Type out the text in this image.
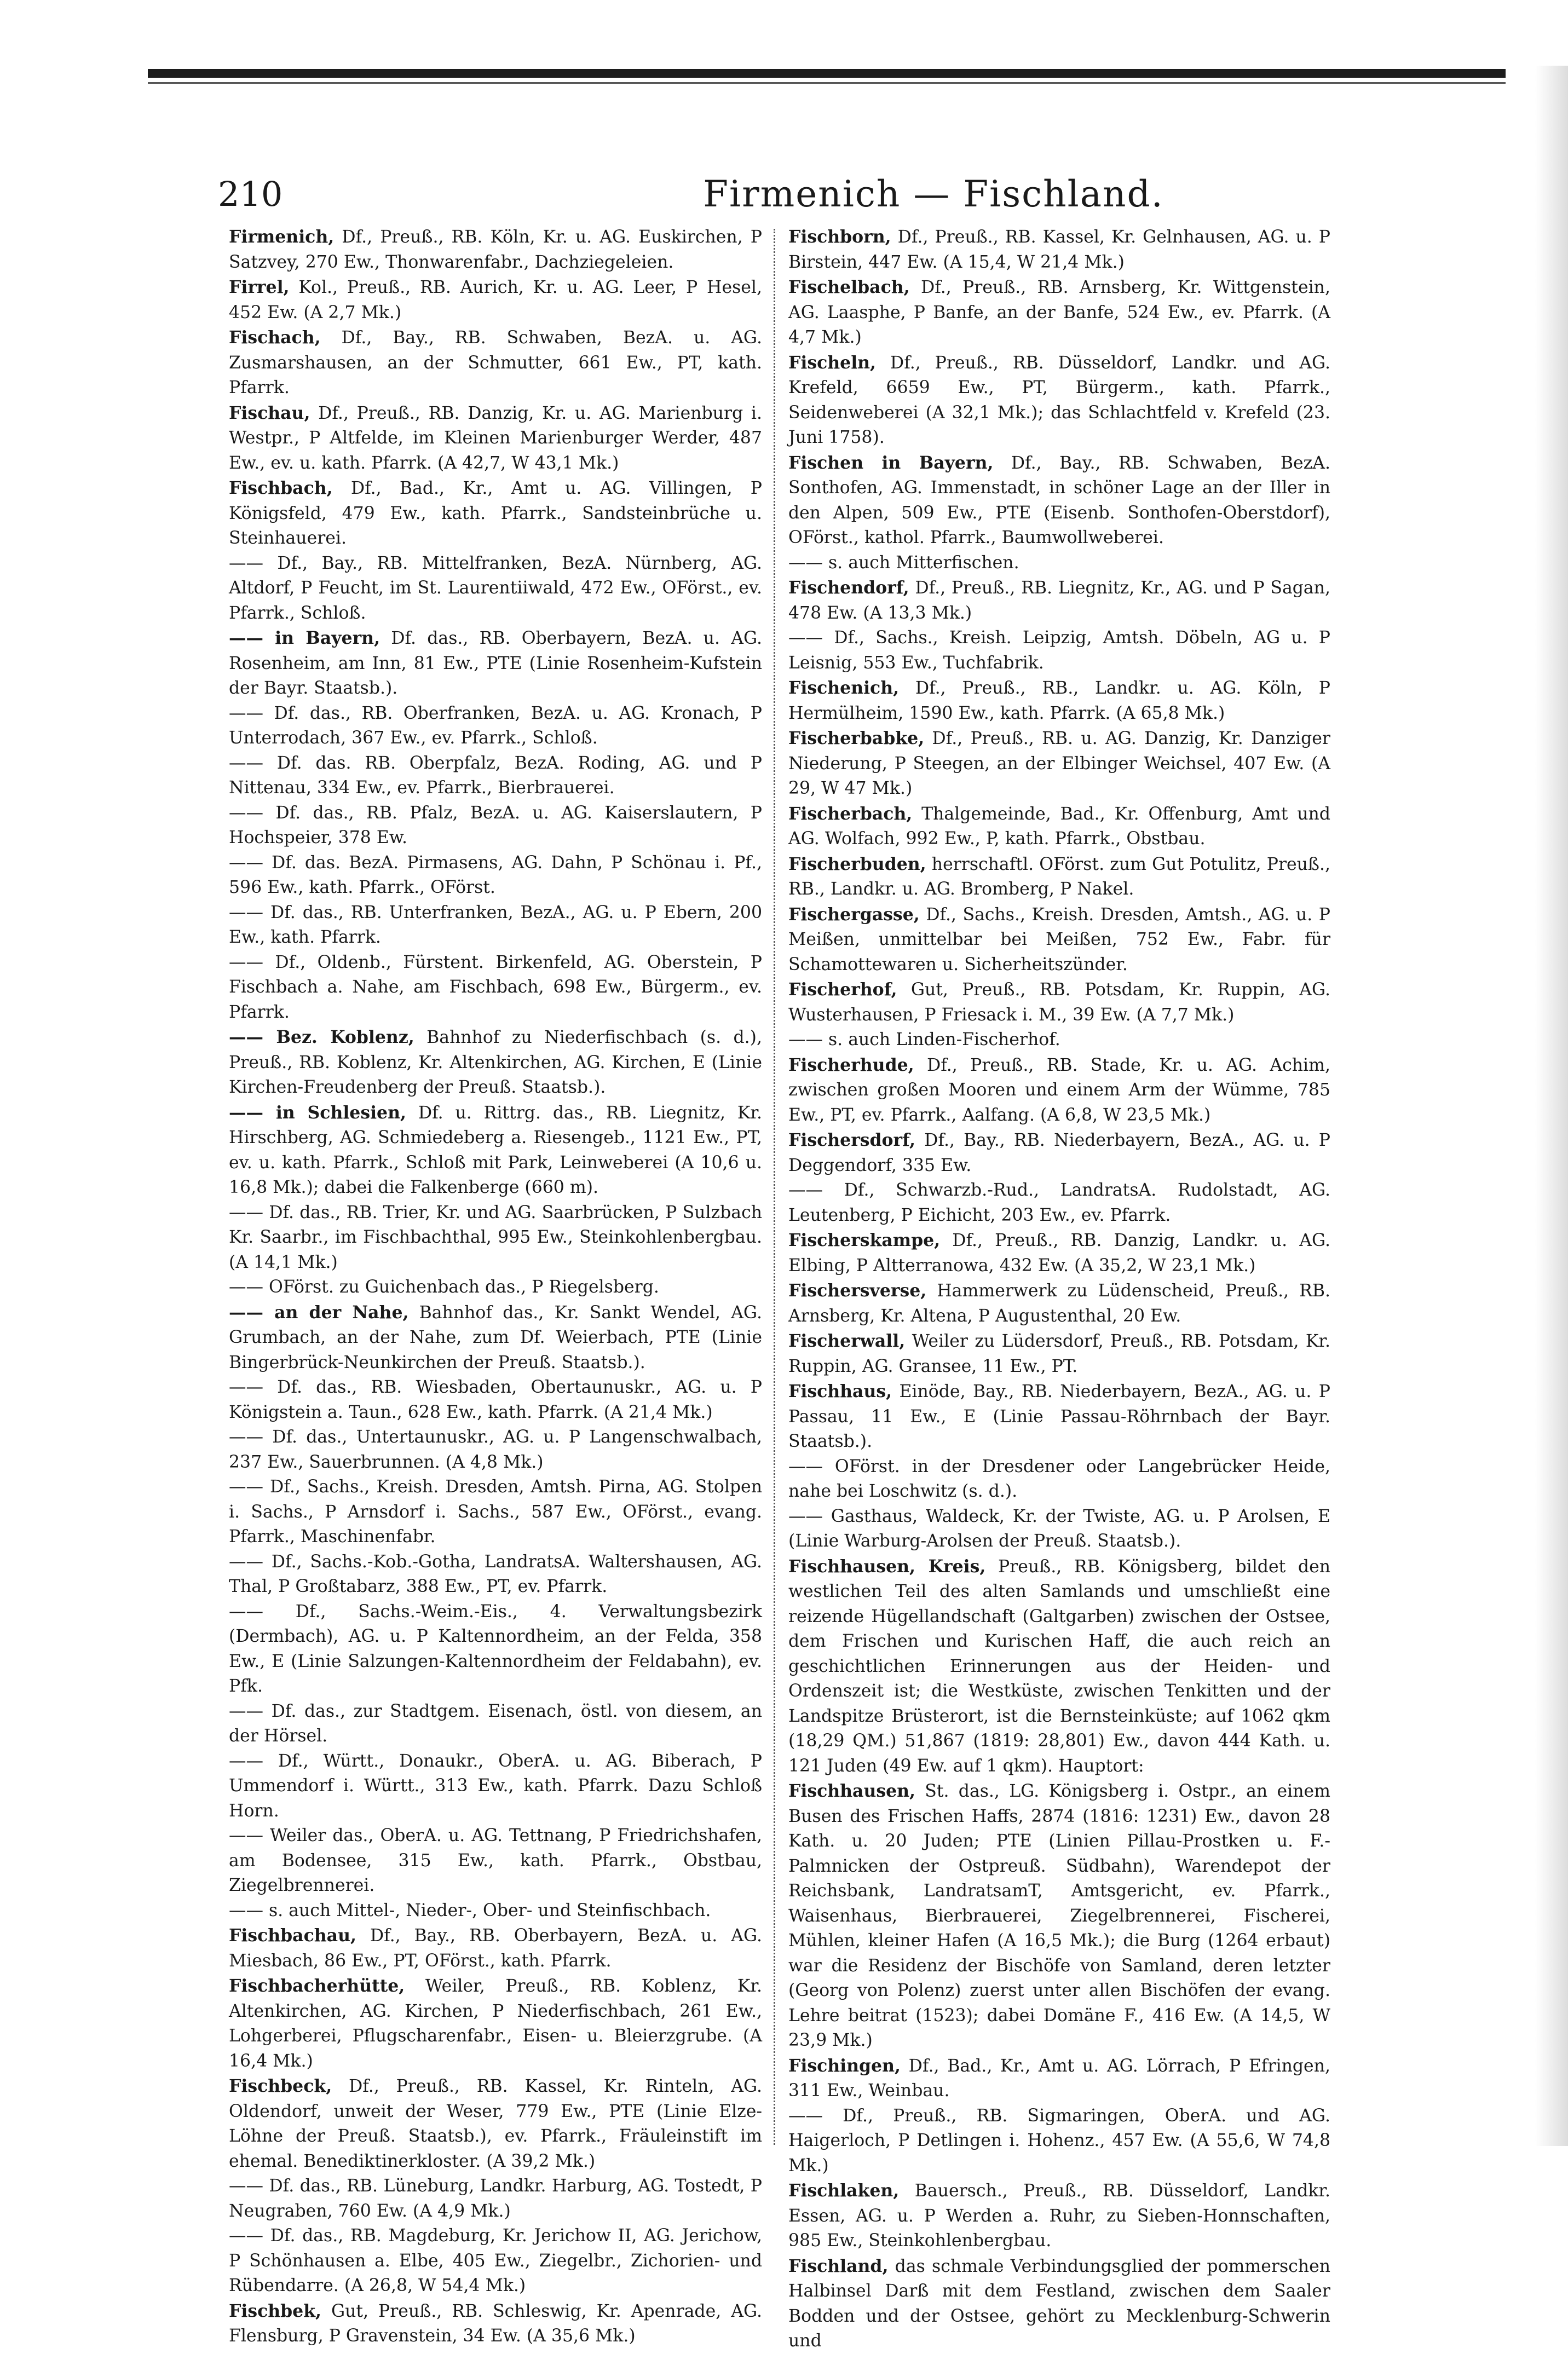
210	Firmenich — Fischland.

Firmenich, Df., Preuß., RB. Köln, Kr. u. AG. Euskirchen, P Satzvey, 270 Ew., Thonwarenfabr., Dachziegeleien.

Firrel, Kol., Preuß., RB. Aurich, Kr. u. AG. Leer, P Hesel, 452 Ew. (A 2,7 Mk.)

Fischach, Df., Bay., RB. Schwaben, BezA. u. AG. Zusmarshausen, an der Schmutter, 661 Ew., PT, kath. Pfarrk.

Fischau, Df., Preuß., RB. Danzig, Kr. u. AG. Marienburg i. Westpr., P Altfelde, im Kleinen Marienburger Werder, 487 Ew., ev. u. kath. Pfarrk. (A 42,7, W 43,1 Mk.)

Fischbach, Df., Bad., Kr., Amt u. AG. Villingen, P Königsfeld, 479 Ew., kath. Pfarrk., Sandsteinbrüche u. Steinhauerei.

—— Df., Bay., RB. Mittelfranken, BezA. Nürnberg, AG. Altdorf, P Feucht, im St. Laurentiiwald, 472 Ew., OFörst., ev. Pfarrk., Schloß.

—— in Bayern, Df. das., RB. Oberbayern, BezA. u. AG. Rosenheim, am Inn, 81 Ew., PTE (Linie Rosenheim-Kufstein der Bayr. Staatsb.).

—— Df. das., RB. Oberfranken, BezA. u. AG. Kronach, P Unterrodach, 367 Ew., ev. Pfarrk., Schloß.

—— Df. das. RB. Oberpfalz, BezA. Roding, AG. und P Nittenau, 334 Ew., ev. Pfarrk., Bierbrauerei.

—— Df. das., RB. Pfalz, BezA. u. AG. Kaiserslautern, P Hochspeier, 378 Ew.

—— Df. das. BezA. Pirmasens, AG. Dahn, P Schönau i. Pf., 596 Ew., kath. Pfarrk., OFörst.

—— Df. das., RB. Unterfranken, BezA., AG. u. P Ebern, 200 Ew., kath. Pfarrk.

—— Df., Oldenb., Fürstent. Birkenfeld, AG. Oberstein, P Fischbach a. Nahe, am Fischbach, 698 Ew., Bürgerm., ev. Pfarrk.

—— Bez. Koblenz, Bahnhof zu Niederfischbach (s. d.), Preuß., RB. Koblenz, Kr. Altenkirchen, AG. Kirchen, E (Linie Kirchen-Freudenberg der Preuß. Staatsb.).

—— in Schlesien, Df. u. Rittrg. das., RB. Liegnitz, Kr. Hirschberg, AG. Schmiedeberg a. Riesengeb., 1121 Ew., PT, ev. u. kath. Pfarrk., Schloß mit Park, Leinweberei (A 10,6 u. 16,8 Mk.); dabei die Falkenberge (660 m).

—— Df. das., RB. Trier, Kr. und AG. Saarbrücken, P Sulzbach Kr. Saarbr., im Fischbachthal, 995 Ew., Steinkohlenbergbau. (A 14,1 Mk.)

—— OFörst. zu Guichenbach das., P Riegelsberg.

—— an der Nahe, Bahnhof das., Kr. Sankt Wendel, AG. Grumbach, an der Nahe, zum Df. Weierbach, PTE (Linie Bingerbrück-Neunkirchen der Preuß. Staatsb.).

—— Df. das., RB. Wiesbaden, Obertaunuskr., AG. u. P Königstein a. Taun., 628 Ew., kath. Pfarrk. (A 21,4 Mk.)

—— Df. das., Untertaunuskr., AG. u. P Langenschwalbach, 237 Ew., Sauerbrunnen. (A 4,8 Mk.)

—— Df., Sachs., Kreish. Dresden, Amtsh. Pirna, AG. Stolpen i. Sachs., P Arnsdorf i. Sachs., 587 Ew., OFörst., evang. Pfarrk., Maschinenfabr.

—— Df., Sachs.-Kob.-Gotha, LandratsA. Waltershausen, AG. Thal, P Großtabarz, 388 Ew., PT, ev. Pfarrk.

—— Df., Sachs.-Weim.-Eis., 4. Verwaltungsbezirk (Dermbach), AG. u. P Kaltennordheim, an der Felda, 358 Ew., E (Linie Salzungen-Kaltennordheim der Feldabahn), ev. Pfk.

—— Df. das., zur Stadtgem. Eisenach, östl. von diesem, an der Hörsel.

—— Df., Württ., Donaukr., OberA. u. AG. Biberach, P Ummendorf i. Württ., 313 Ew., kath. Pfarrk. Dazu Schloß Horn.

—— Weiler das., OberA. u. AG. Tettnang, P Friedrichshafen, am Bodensee, 315 Ew., kath. Pfarrk., Obstbau, Ziegelbrennerei.

—— s. auch Mittel-, Nieder-, Ober- und Steinfischbach.

Fischbachau, Df., Bay., RB. Oberbayern, BezA. u. AG. Miesbach, 86 Ew., PT, OFörst., kath. Pfarrk.

Fischbacherhütte, Weiler, Preuß., RB. Koblenz, Kr. Altenkirchen, AG. Kirchen, P Niederfischbach, 261 Ew., Lohgerberei, Pflugscharenfabr., Eisen- u. Bleierzgrube. (A 16,4 Mk.)

Fischbeck, Df., Preuß., RB. Kassel, Kr. Rinteln, AG. Oldendorf, unweit der Weser, 779 Ew., PTE (Linie Elze-Löhne der Preuß. Staatsb.), ev. Pfarrk., Fräuleinstift im ehemal. Benediktinerkloster. (A 39,2 Mk.)

—— Df. das., RB. Lüneburg, Landkr. Harburg, AG. Tostedt, P Neugraben, 760 Ew. (A 4,9 Mk.)

—— Df. das., RB. Magdeburg, Kr. Jerichow II, AG. Jerichow, P Schönhausen a. Elbe, 405 Ew., Ziegelbr., Zichorien- und Rübendarre. (A 26,8, W 54,4 Mk.)

Fischbek, Gut, Preuß., RB. Schleswig, Kr. Apenrade, AG. Flensburg, P Gravenstein, 34 Ew. (A 35,6 Mk.)

Fischborn, Df., Preuß., RB. Kassel, Kr. Gelnhausen, AG. u. P Birstein, 447 Ew. (A 15,4, W 21,4 Mk.)

Fischelbach, Df., Preuß., RB. Arnsberg, Kr. Wittgenstein, AG. Laasphe, P Banfe, an der Banfe, 524 Ew., ev. Pfarrk. (A 4,7 Mk.)

Fischeln, Df., Preuß., RB. Düsseldorf, Landkr. und AG. Krefeld, 6659 Ew., PT, Bürgerm., kath. Pfarrk., Seidenweberei (A 32,1 Mk.); das Schlachtfeld v. Krefeld (23. Juni 1758).

Fischen in Bayern, Df., Bay., RB. Schwaben, BezA. Sonthofen, AG. Immenstadt, in schöner Lage an der Iller in den Alpen, 509 Ew., PTE (Eisenb. Sonthofen-Oberstdorf), OFörst., kathol. Pfarrk., Baumwollweberei.

—— s. auch Mitterfischen.

Fischendorf, Df., Preuß., RB. Liegnitz, Kr., AG. und P Sagan, 478 Ew. (A 13,3 Mk.)

—— Df., Sachs., Kreish. Leipzig, Amtsh. Döbeln, AG u. P Leisnig, 553 Ew., Tuchfabrik.

Fischenich, Df., Preuß., RB., Landkr. u. AG. Köln, P Hermülheim, 1590 Ew., kath. Pfarrk. (A 65,8 Mk.)

Fischerbabke, Df., Preuß., RB. u. AG. Danzig, Kr. Danziger Niederung, P Steegen, an der Elbinger Weichsel, 407 Ew. (A 29, W 47 Mk.)

Fischerbach, Thalgemeinde, Bad., Kr. Offenburg, Amt und AG. Wolfach, 992 Ew., P, kath. Pfarrk., Obstbau.

Fischerbuden, herrschaftl. OFörst. zum Gut Potulitz, Preuß., RB., Landkr. u. AG. Bromberg, P Nakel.

Fischergasse, Df., Sachs., Kreish. Dresden, Amtsh., AG. u. P Meißen, unmittelbar bei Meißen, 752 Ew., Fabr. für Schamottewaren u. Sicherheitszünder.

Fischerhof, Gut, Preuß., RB. Potsdam, Kr. Ruppin, AG. Wusterhausen, P Friesack i. M., 39 Ew. (A 7,7 Mk.)

—— s. auch Linden-Fischerhof.

Fischerhude, Df., Preuß., RB. Stade, Kr. u. AG. Achim, zwischen großen Mooren und einem Arm der Wümme, 785 Ew., PT, ev. Pfarrk., Aalfang. (A 6,8, W 23,5 Mk.)

Fischersdorf, Df., Bay., RB. Niederbayern, BezA., AG. u. P Deggendorf, 335 Ew.

—— Df., Schwarzb.-Rud., LandratsA. Rudolstadt, AG. Leutenberg, P Eichicht, 203 Ew., ev. Pfarrk.

Fischerskampe, Df., Preuß., RB. Danzig, Landkr. u. AG. Elbing, P Altterranowa, 432 Ew. (A 35,2, W 23,1 Mk.)

Fischersverse, Hammerwerk zu Lüdenscheid, Preuß., RB. Arnsberg, Kr. Altena, P Augustenthal, 20 Ew.

Fischerwall, Weiler zu Lüdersdorf, Preuß., RB. Potsdam, Kr. Ruppin, AG. Gransee, 11 Ew., PT.

Fischhaus, Einöde, Bay., RB. Niederbayern, BezA., AG. u. P Passau, 11 Ew., E (Linie Passau-Röhrnbach der Bayr. Staatsb.).

—— OFörst. in der Dresdener oder Langebrücker Heide, nahe bei Loschwitz (s. d.).

—— Gasthaus, Waldeck, Kr. der Twiste, AG. u. P Arolsen, E (Linie Warburg-Arolsen der Preuß. Staatsb.).

Fischhausen, Kreis, Preuß., RB. Königsberg, bildet den westlichen Teil des alten Samlands und umschließt eine reizende Hügellandschaft (Galtgarben) zwischen der Ostsee, dem Frischen und Kurischen Haff, die auch reich an geschichtlichen Erinnerungen aus der Heiden- und Ordenszeit ist; die Westküste, zwischen Tenkitten und der Landspitze Brüsterort, ist die Bernsteinküste; auf 1062 qkm (18,29 QM.) 51,867 (1819: 28,801) Ew., davon 444 Kath. u. 121 Juden (49 Ew. auf 1 qkm). Hauptort:

Fischhausen, St. das., LG. Königsberg i. Ostpr., an einem Busen des Frischen Haffs, 2874 (1816: 1231) Ew., davon 28 Kath. u. 20 Juden; PTE (Linien Pillau-Prostken u. F.-Palmnicken der Ostpreuß. Südbahn), Warendepot der Reichsbank, LandratsamT, Amtsgericht, ev. Pfarrk., Waisenhaus, Bierbrauerei, Ziegelbrennerei, Fischerei, Mühlen, kleiner Hafen (A 16,5 Mk.); die Burg (1264 erbaut) war die Residenz der Bischöfe von Samland, deren letzter (Georg von Polenz) zuerst unter allen Bischöfen der evang. Lehre beitrat (1523); dabei Domäne F., 416 Ew. (A 14,5, W 23,9 Mk.)

Fischingen, Df., Bad., Kr., Amt u. AG. Lörrach, P Efringen, 311 Ew., Weinbau.

—— Df., Preuß., RB. Sigmaringen, OberA. und AG. Haigerloch, P Detlingen i. Hohenz., 457 Ew. (A 55,6, W 74,8 Mk.)

Fischlaken, Bauersch., Preuß., RB. Düsseldorf, Landkr. Essen, AG. u. P Werden a. Ruhr, zu Sieben-Honnschaften, 985 Ew., Steinkohlenbergbau.

Fischland, das schmale Verbindungsglied der pommerschen Halbinsel Darß mit dem Festland, zwischen dem Saaler Bodden und der Ostsee, gehört zu Mecklenburg-Schwerin und
